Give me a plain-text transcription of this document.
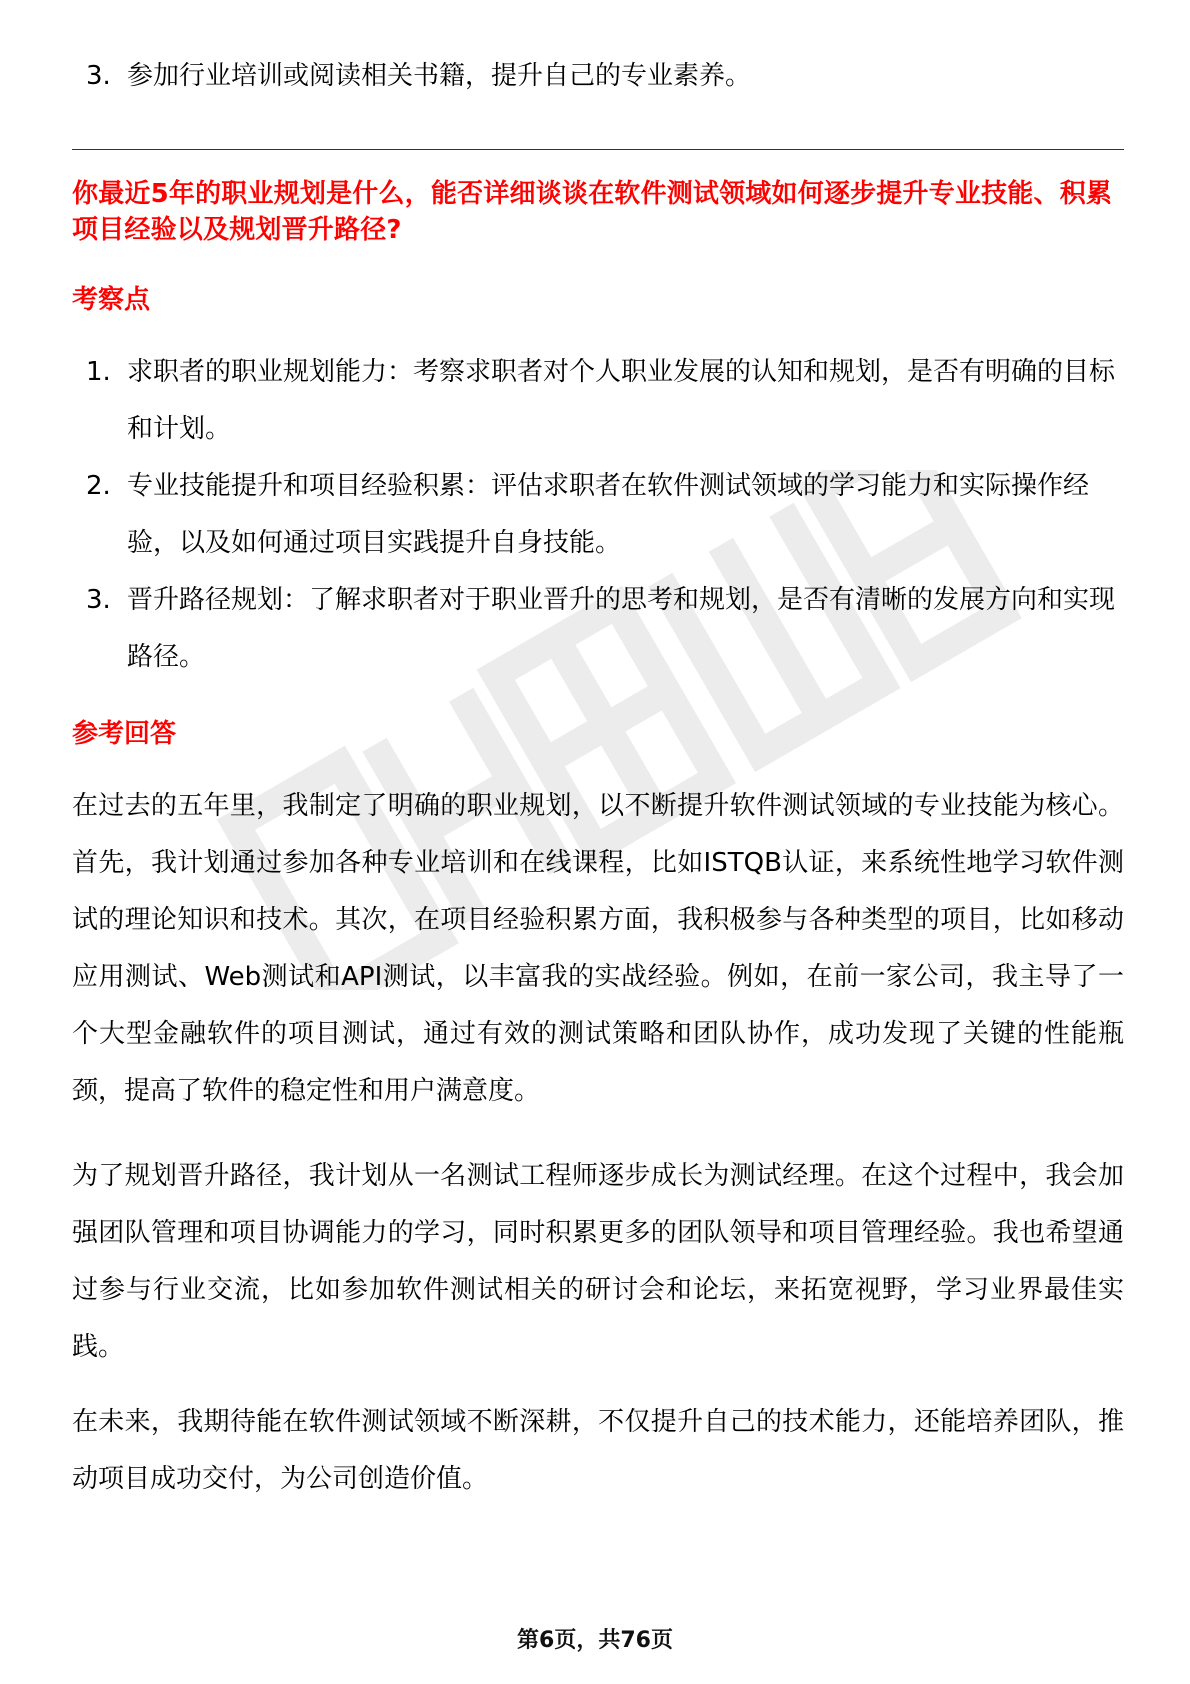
3. 参加行业培训或阅读相关书籍，提升自己的专业素养。
你最近5年的职业规划是什么，能否详细谈谈在软件测试领域如何逐步提升专业技能、积累项目经验以及规划晋升路径?
考察点
1. 求职者的职业规划能力：考察求职者对个人职业发展的认知和规划，是否有明确的目标和计划。
2. 专业技能提升和项目经验积累：评估求职者在软件测试领域的学习能力和实际操作经验，以及如何通过项目实践提升自身技能。
3. 晋升路径规划：了解求职者对于职业晋升的思考和规划，是否有清晰的发展方向和实现路径。
参考回答

在过去的五年里，我制定了明确的职业规划，以不断提升软件测试领域的专业技能为核心。首先，我计划通过参加各种专业培训和在线课程，比如ISTQB认证，来系统性地学习软件测试的理论知识和技术。其次，在项目经验积累方面，我积极参与各种类型的项目，比如移动应用测试、Web测试和API测试，以丰富我的实战经验。例如，在前一家公司，我主导了一个大型金融软件的项目测试，通过有效的测试策略和团队协作，成功发现了关键的性能瓶颈，提高了软件的稳定性和用户满意度。

为了规划晋升路径，我计划从一名测试工程师逐步成长为测试经理。在这个过程中，我会加强团队管理和项目协调能力的学习，同时积累更多的团队领导和项目管理经验。我也希望通过参与行业交流，比如参加软件测试相关的研讨会和论坛，来拓宽视野，学习业界最佳实践。

在未来，我期待能在软件测试领域不断深耕，不仅提升自己的技术能力，还能培养团队，推动项目成功交付，为公司创造价值。

第6页，共76页
